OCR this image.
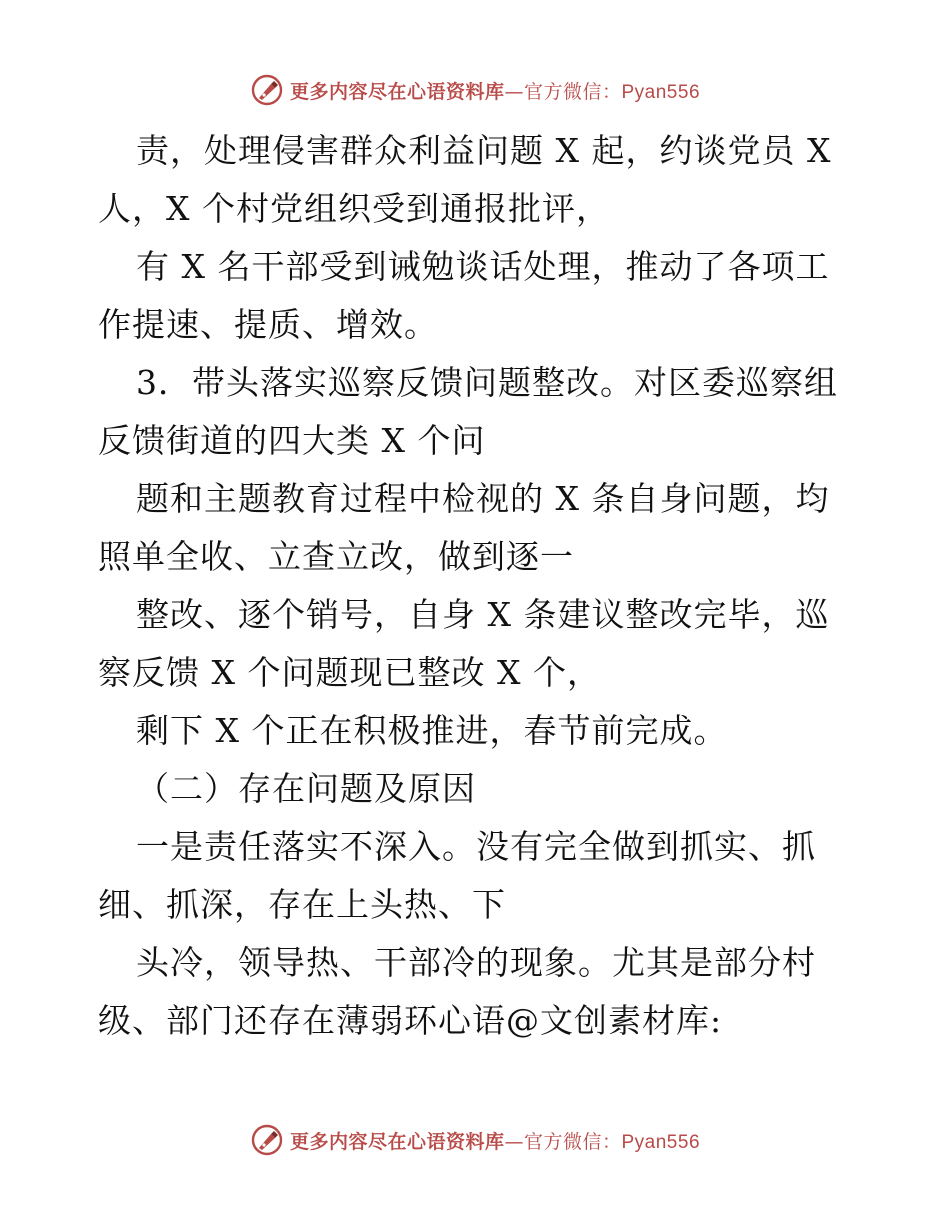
更多内容尽在心语资料库—官方微信：Pyan556
责，处理侵害群众利益问题 X 起，约谈党员 X
人，X 个村党组织受到通报批评，
有 X 名干部受到诫勉谈话处理，推动了各项工
作提速、提质、增效。
3．带头落实巡察反馈问题整改。对区委巡察组
反馈街道的四大类 X 个问
题和主题教育过程中检视的 X 条自身问题，均
照单全收、立查立改，做到逐一
整改、逐个销号，自身 X 条建议整改完毕，巡
察反馈 X 个问题现已整改 X 个，
剩下 X 个正在积极推进，春节前完成。
（二）存在问题及原因
一是责任落实不深入。没有完全做到抓实、抓
细、抓深，存在上头热、下
头冷，领导热、干部冷的现象。尤其是部分村
级、部门还存在薄弱环心语@文创素材库:
更多内容尽在心语资料库—官方微信：Pyan556
